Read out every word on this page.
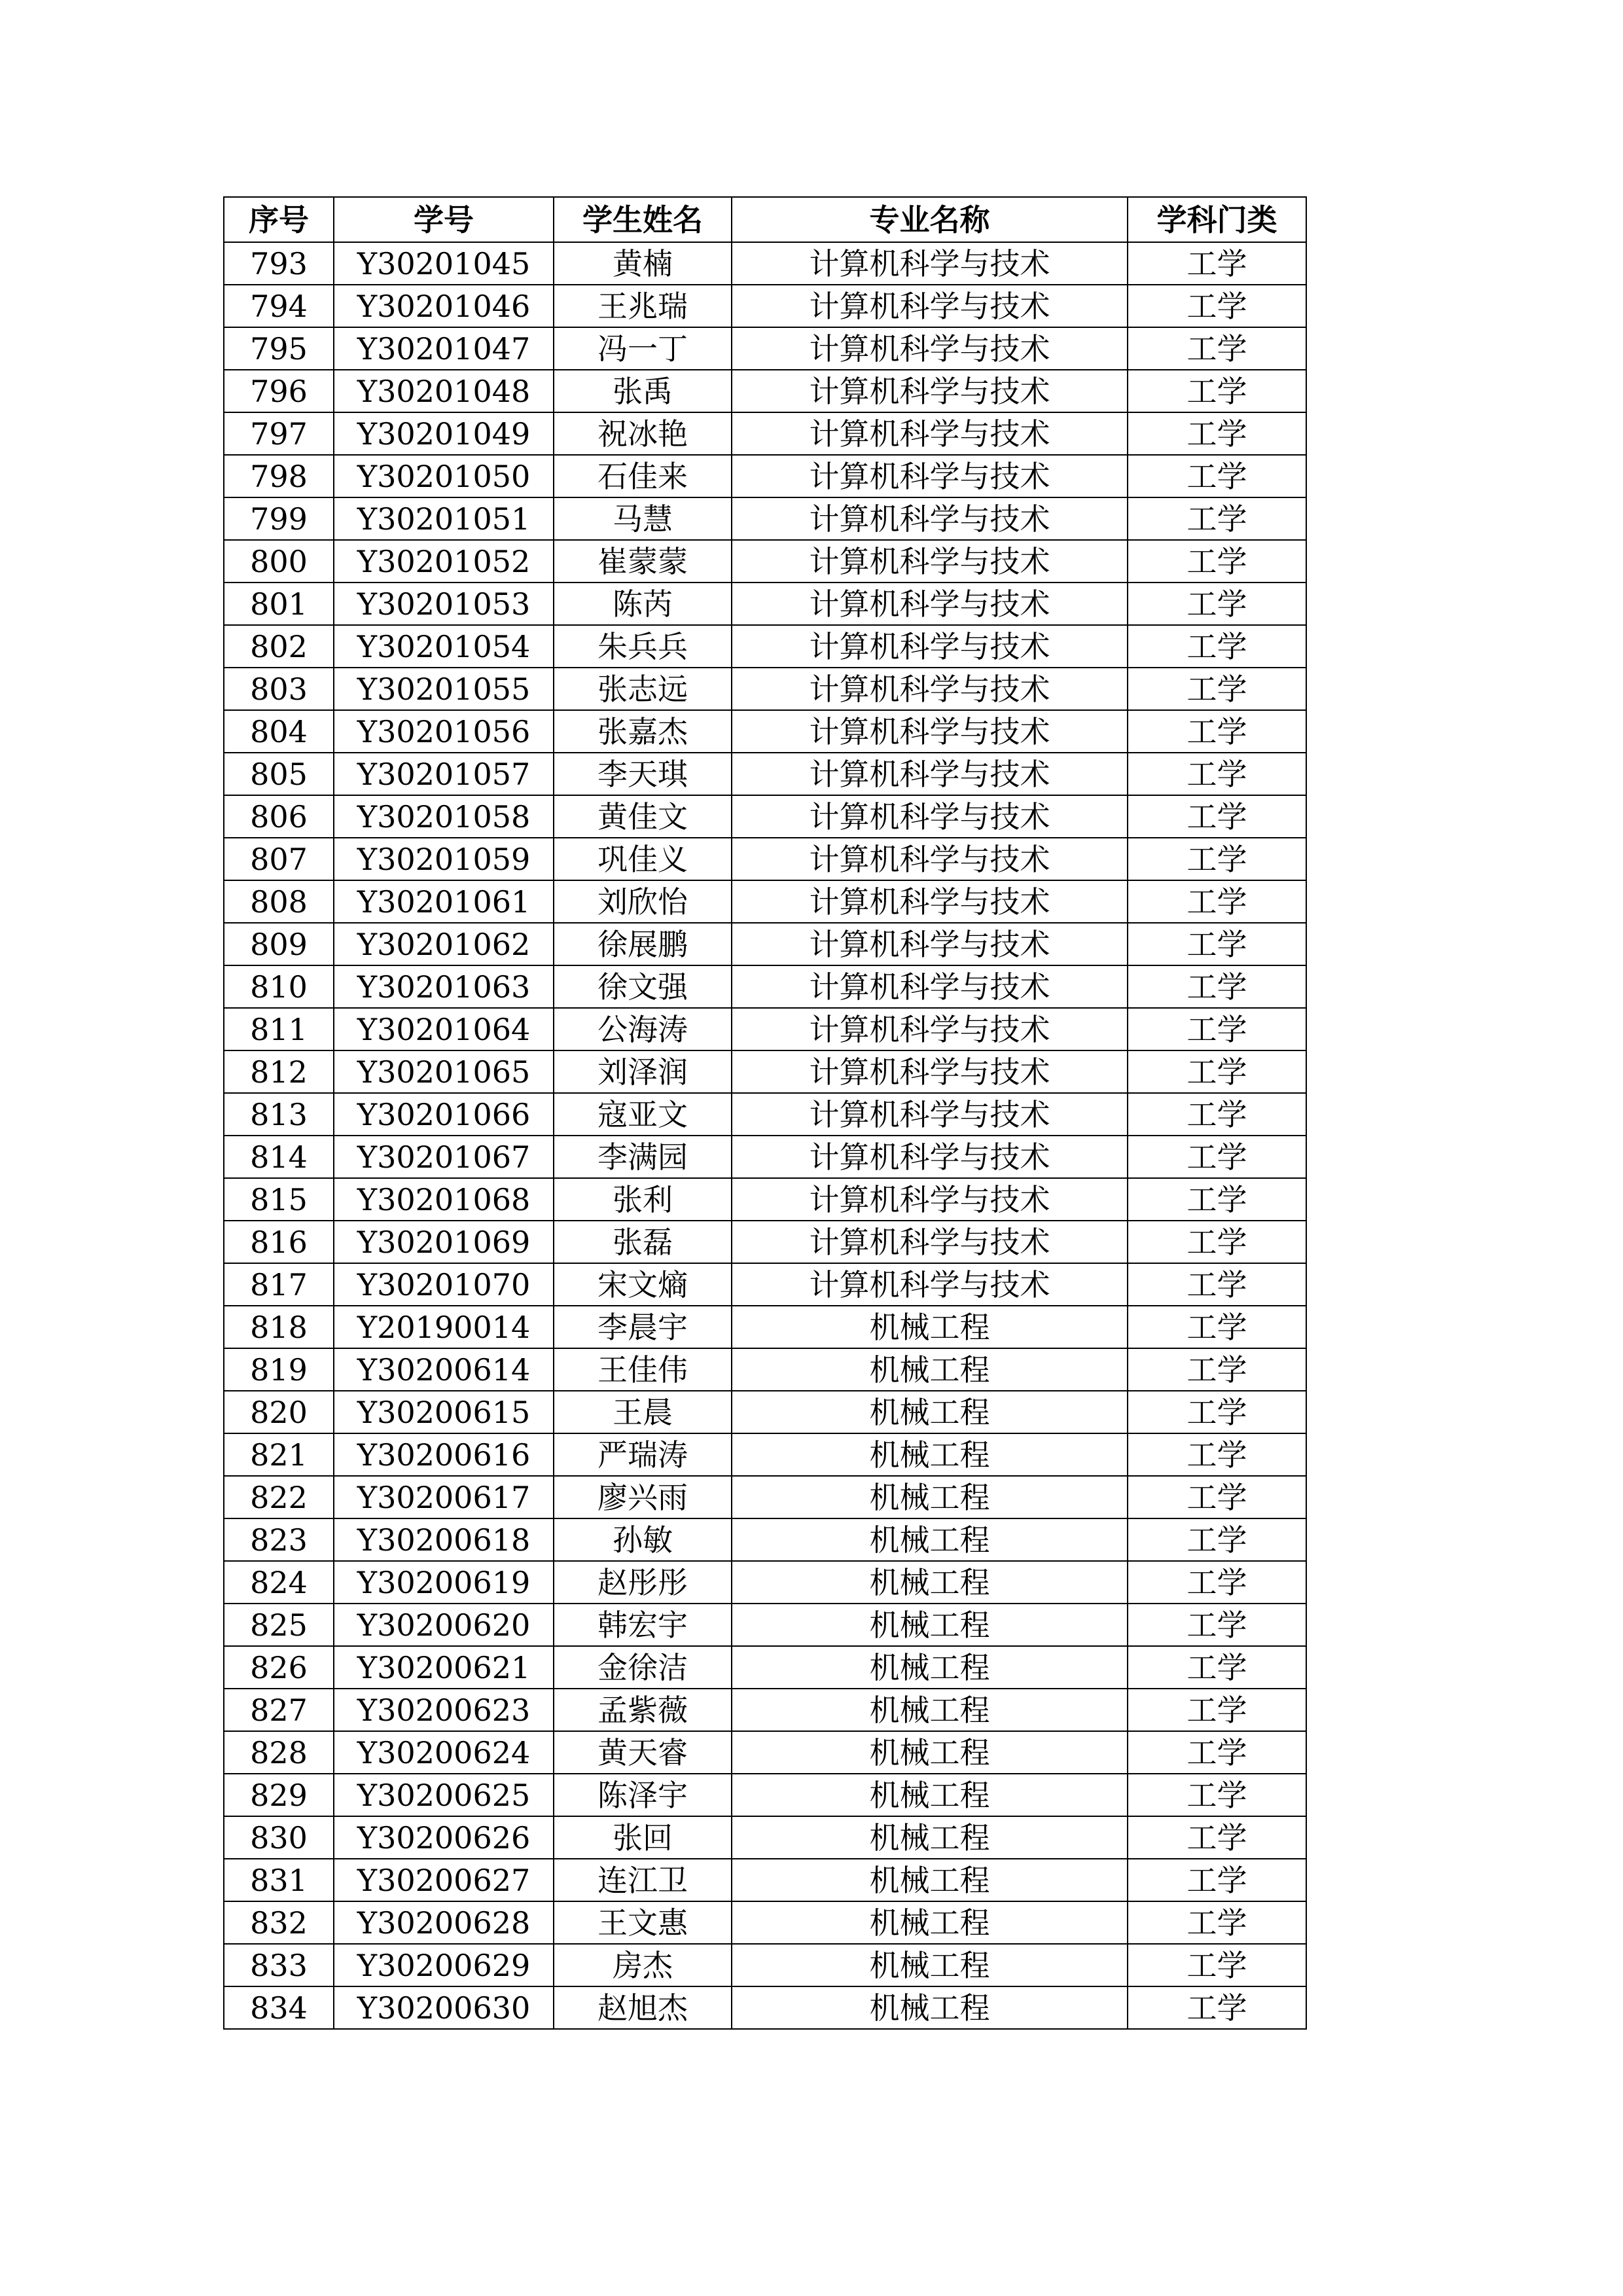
序号	学号	学生姓名	专业名称	学科门类
793	Y30201045	黄楠	计算机科学与技术	工学
794	Y30201046	王兆瑞	计算机科学与技术	工学
795	Y30201047	冯一丁	计算机科学与技术	工学
796	Y30201048	张禹	计算机科学与技术	工学
797	Y30201049	祝冰艳	计算机科学与技术	工学
798	Y30201050	石佳来	计算机科学与技术	工学
799	Y30201051	马慧	计算机科学与技术	工学
800	Y30201052	崔蒙蒙	计算机科学与技术	工学
801	Y30201053	陈芮	计算机科学与技术	工学
802	Y30201054	朱兵兵	计算机科学与技术	工学
803	Y30201055	张志远	计算机科学与技术	工学
804	Y30201056	张嘉杰	计算机科学与技术	工学
805	Y30201057	李天琪	计算机科学与技术	工学
806	Y30201058	黄佳文	计算机科学与技术	工学
807	Y30201059	巩佳义	计算机科学与技术	工学
808	Y30201061	刘欣怡	计算机科学与技术	工学
809	Y30201062	徐展鹏	计算机科学与技术	工学
810	Y30201063	徐文强	计算机科学与技术	工学
811	Y30201064	公海涛	计算机科学与技术	工学
812	Y30201065	刘泽润	计算机科学与技术	工学
813	Y30201066	寇亚文	计算机科学与技术	工学
814	Y30201067	李满园	计算机科学与技术	工学
815	Y30201068	张利	计算机科学与技术	工学
816	Y30201069	张磊	计算机科学与技术	工学
817	Y30201070	宋文熵	计算机科学与技术	工学
818	Y20190014	李晨宇	机械工程	工学
819	Y30200614	王佳伟	机械工程	工学
820	Y30200615	王晨	机械工程	工学
821	Y30200616	严瑞涛	机械工程	工学
822	Y30200617	廖兴雨	机械工程	工学
823	Y30200618	孙敏	机械工程	工学
824	Y30200619	赵彤彤	机械工程	工学
825	Y30200620	韩宏宇	机械工程	工学
826	Y30200621	金徐洁	机械工程	工学
827	Y30200623	孟紫薇	机械工程	工学
828	Y30200624	黄天睿	机械工程	工学
829	Y30200625	陈泽宇	机械工程	工学
830	Y30200626	张回	机械工程	工学
831	Y30200627	连江卫	机械工程	工学
832	Y30200628	王文惠	机械工程	工学
833	Y30200629	房杰	机械工程	工学
834	Y30200630	赵旭杰	机械工程	工学
